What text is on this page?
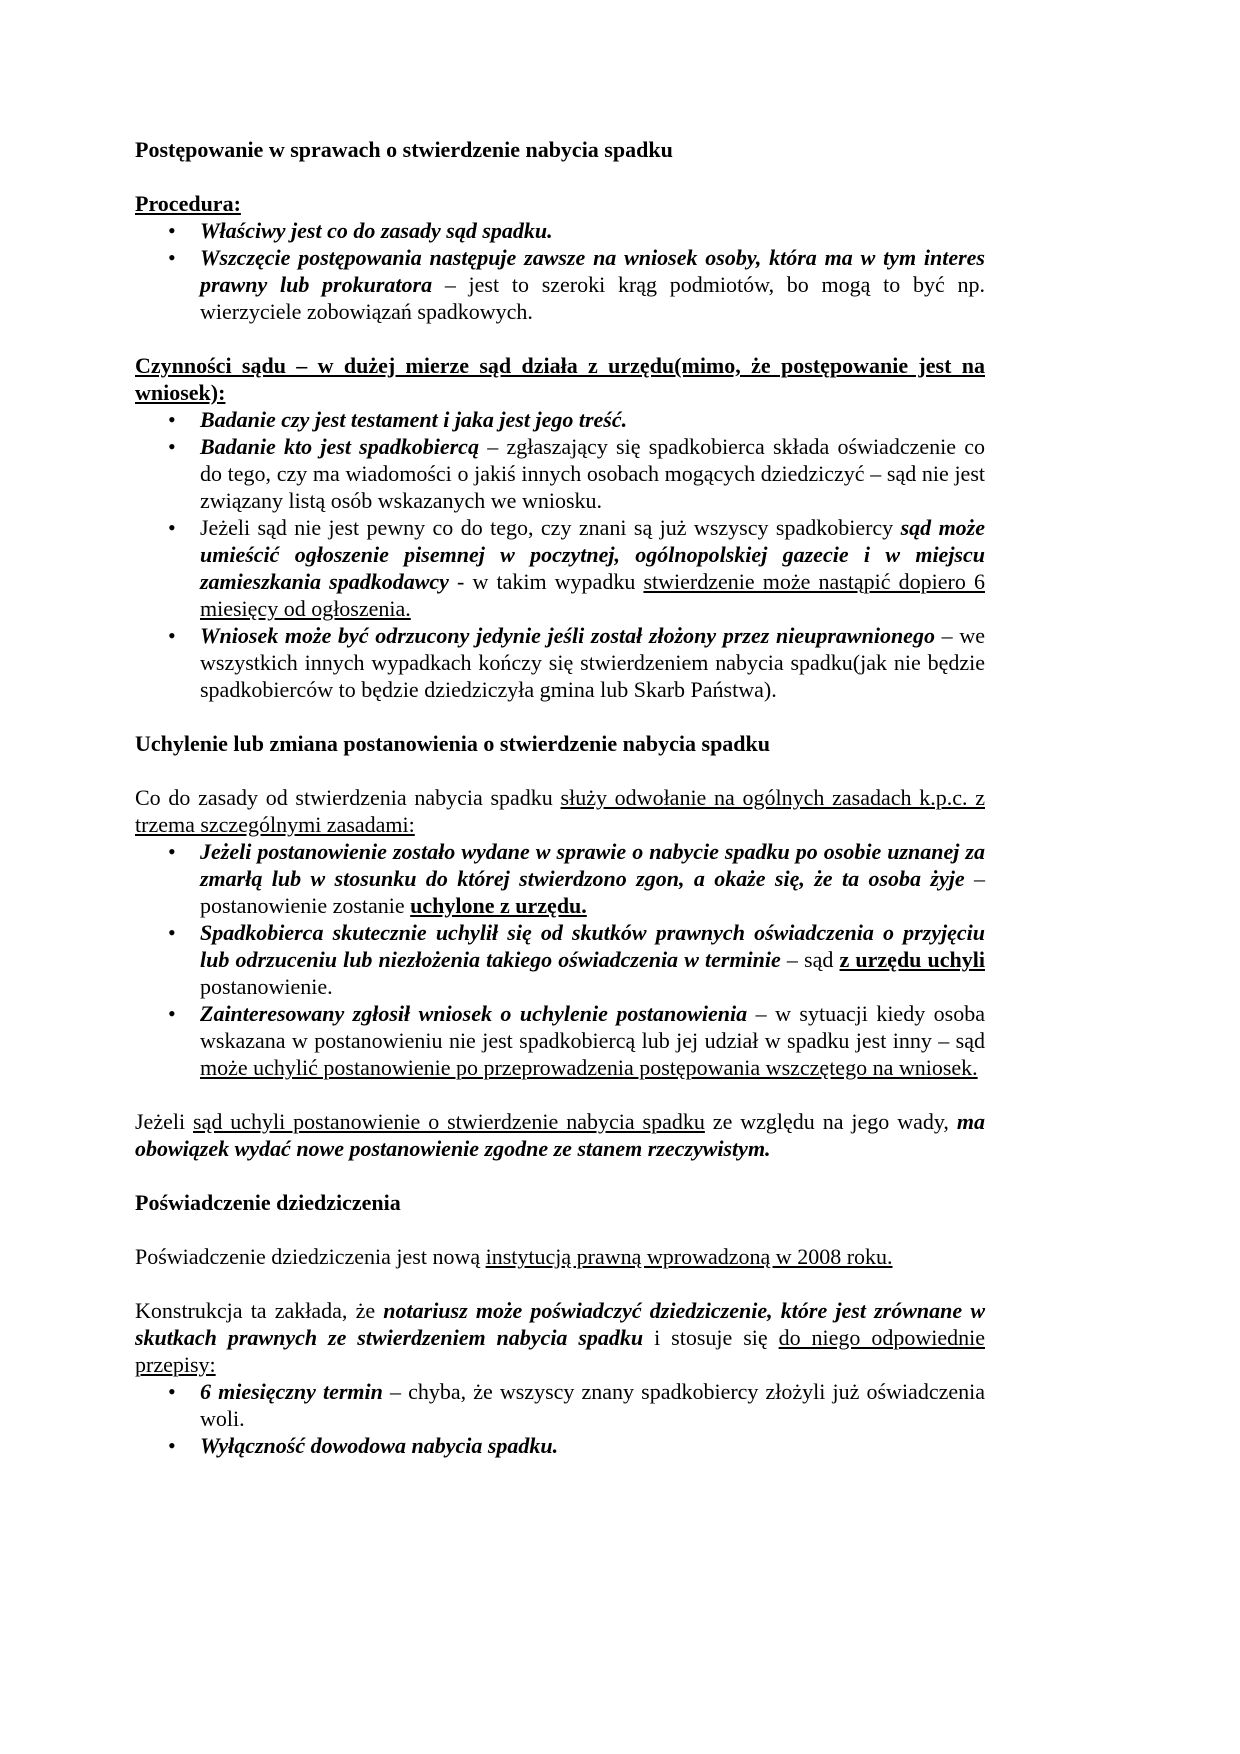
Postępowanie w sprawach o stwierdzenie nabycia spadku
Procedura:
•	Właściwy jest co do zasady sąd spadku.
•	Wszczęcie postępowania następuje zawsze na wniosek osoby, która ma w tym interes prawny lub prokuratora – jest to szeroki krąg podmiotów, bo mogą to być np. wierzyciele zobowiązań spadkowych.
Czynności sądu – w dużej mierze sąd działa z urzędu(mimo, że postępowanie jest na wniosek):
•	Badanie czy jest testament i jaka jest jego treść.
•	Badanie kto jest spadkobiercą – zgłaszający się spadkobierca składa oświadczenie co do tego, czy ma wiadomości o jakiś innych osobach mogących dziedziczyć – sąd nie jest związany listą osób wskazanych we wniosku.
•	Jeżeli sąd nie jest pewny co do tego, czy znani są już wszyscy spadkobiercy sąd może umieścić ogłoszenie pisemnej w poczytnej, ogólnopolskiej gazecie i w miejscu zamieszkania spadkodawcy - w takim wypadku stwierdzenie może nastąpić dopiero 6 miesięcy od ogłoszenia.
•	Wniosek może być odrzucony jedynie jeśli został złożony przez nieuprawnionego – we wszystkich innych wypadkach kończy się stwierdzeniem nabycia spadku(jak nie będzie spadkobierców to będzie dziedziczyła gmina lub Skarb Państwa).
Uchylenie lub zmiana postanowienia o stwierdzenie nabycia spadku
Co do zasady od stwierdzenia nabycia spadku służy odwołanie na ogólnych zasadach k.p.c. z trzema szczególnymi zasadami:
•	Jeżeli postanowienie zostało wydane w sprawie o nabycie spadku po osobie uznanej za zmarłą lub w stosunku do której stwierdzono zgon, a okaże się, że ta osoba żyje – postanowienie zostanie uchylone z urzędu.
•	Spadkobierca skutecznie uchylił się od skutków prawnych oświadczenia o przyjęciu lub odrzuceniu lub niezłożenia takiego oświadczenia w terminie – sąd z urzędu uchyli postanowienie.
•	Zainteresowany zgłosił wniosek o uchylenie postanowienia – w sytuacji kiedy osoba wskazana w postanowieniu nie jest spadkobiercą lub jej udział w spadku jest inny – sąd może uchylić postanowienie po przeprowadzenia postępowania wszczętego na wniosek.
Jeżeli sąd uchyli postanowienie o stwierdzenie nabycia spadku ze względu na jego wady, ma obowiązek wydać nowe postanowienie zgodne ze stanem rzeczywistym.
Poświadczenie dziedziczenia
Poświadczenie dziedziczenia jest nową instytucją prawną wprowadzoną w 2008 roku.
Konstrukcja ta zakłada, że notariusz może poświadczyć dziedziczenie, które jest zrównane w skutkach prawnych ze stwierdzeniem nabycia spadku i stosuje się do niego odpowiednie przepisy:
•	6 miesięczny termin – chyba, że wszyscy znany spadkobiercy złożyli już oświadczenia woli.
•	Wyłączność dowodowa nabycia spadku.
